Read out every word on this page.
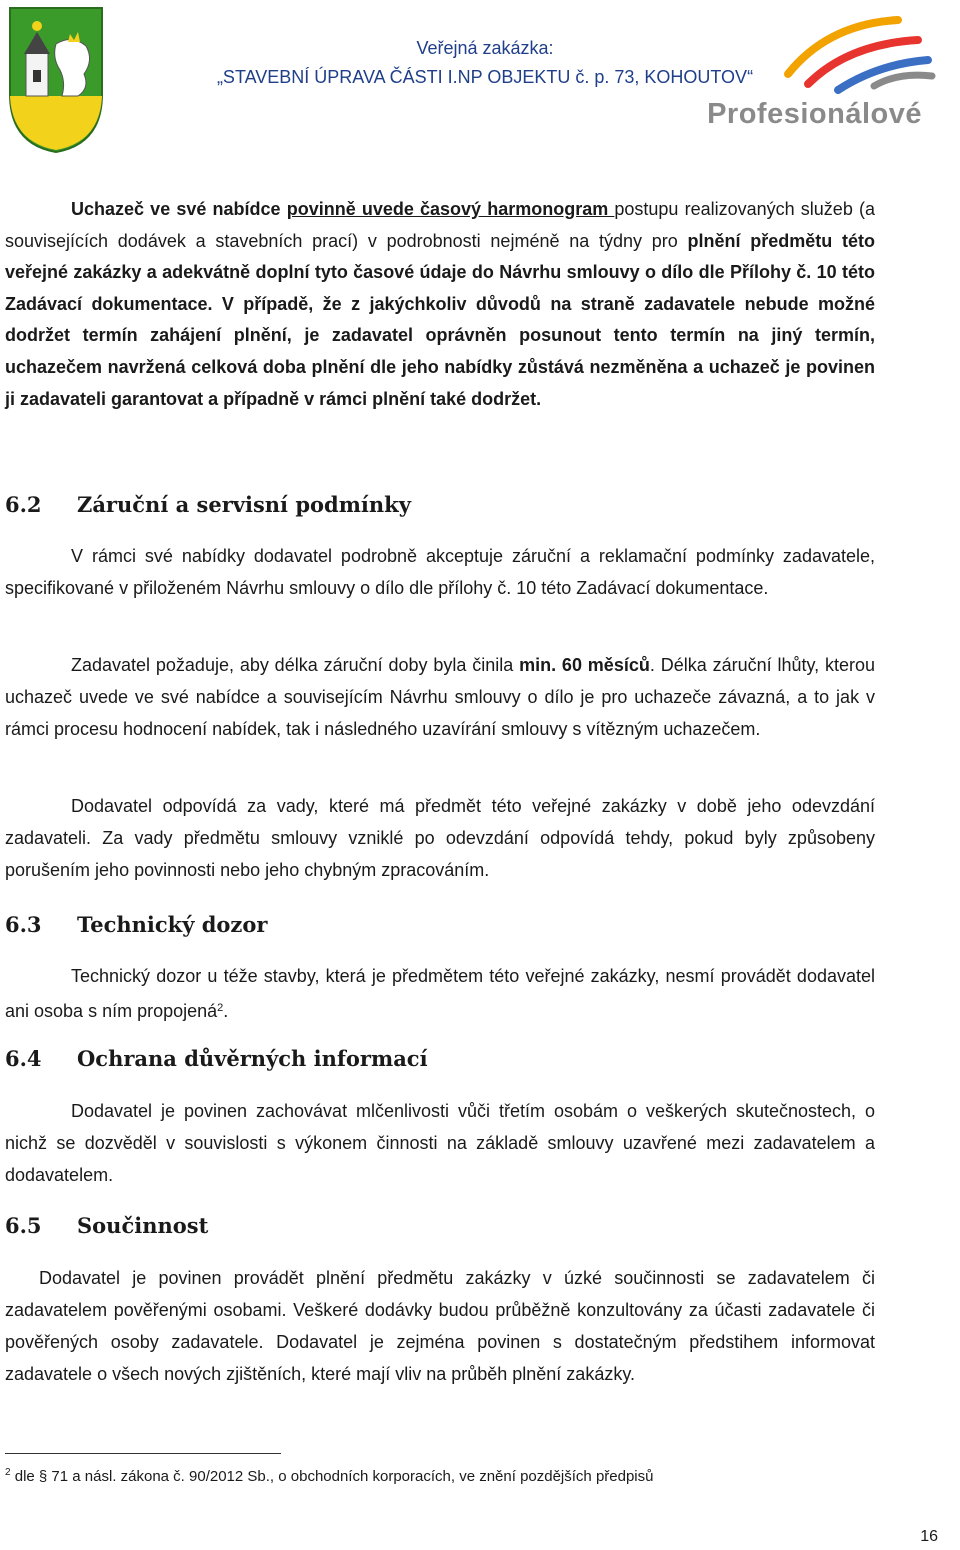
Veřejná zakázka:
„STAVEBNÍ ÚPRAVA ČÁSTI I.NP OBJEKTU č. p. 73, KOHOUTOV“
Profesionálové
Uchazeč ve své nabídce povinně uvede časový harmonogram postupu realizovaných služeb (a souvisejících dodávek a stavebních prací) v podrobnosti nejméně na týdny pro plnění předmětu této veřejné zakázky a adekvátně doplní tyto časové údaje do Návrhu smlouvy o dílo dle Přílohy č. 10 této Zadávací dokumentace. V případě, že z jakýchkoliv důvodů na straně zadavatele nebude možné dodržet termín zahájení plnění, je zadavatel oprávněn posunout tento termín na jiný termín, uchazečem navržená celková doba plnění dle jeho nabídky zůstává nezměněna a uchazeč je povinen ji zadavateli garantovat a případně v rámci plnění také dodržet.
6.2 Záruční a servisní podmínky
V rámci své nabídky dodavatel podrobně akceptuje záruční a reklamační podmínky zadavatele, specifikované v přiloženém Návrhu smlouvy o dílo dle přílohy č. 10 této Zadávací dokumentace.
Zadavatel požaduje, aby délka záruční doby byla činila min. 60 měsíců. Délka záruční lhůty, kterou uchazeč uvede ve své nabídce a souvisejícím Návrhu smlouvy o dílo je pro uchazeče závazná, a to jak v rámci procesu hodnocení nabídek, tak i následného uzavírání smlouvy s vítězným uchazečem.
Dodavatel odpovídá za vady, které má předmět této veřejné zakázky v době jeho odevzdání zadavateli. Za vady předmětu smlouvy vzniklé po odevzdání odpovídá tehdy, pokud byly způsobeny porušením jeho povinnosti nebo jeho chybným zpracováním.
6.3 Technický dozor
Technický dozor u téže stavby, která je předmětem této veřejné zakázky, nesmí provádět dodavatel ani osoba s ním propojená$^2$.
6.4 Ochrana důvěrných informací
Dodavatel je povinen zachovávat mlčenlivosti vůči třetím osobám o veškerých skutečnostech, o nichž se dozvěděl v souvislosti s výkonem činnosti na základě smlouvy uzavřené mezi zadavatelem a dodavatelem.
6.5 Součinnost
Dodavatel je povinen provádět plnění předmětu zakázky v úzké součinnosti se zadavatelem či zadavatelem pověřenými osobami. Veškeré dodávky budou průběžně konzultovány za účasti zadavatele či pověřených osoby zadavatele. Dodavatel je zejména povinen s dostatečným předstihem informovat zadavatele o všech nových zjištěních, které mají vliv na průběh plnění zakázky.
$^2$ dle § 71 a násl. zákona č. 90/2012 Sb., o obchodních korporacích, ve znění pozdějších předpisů
16
